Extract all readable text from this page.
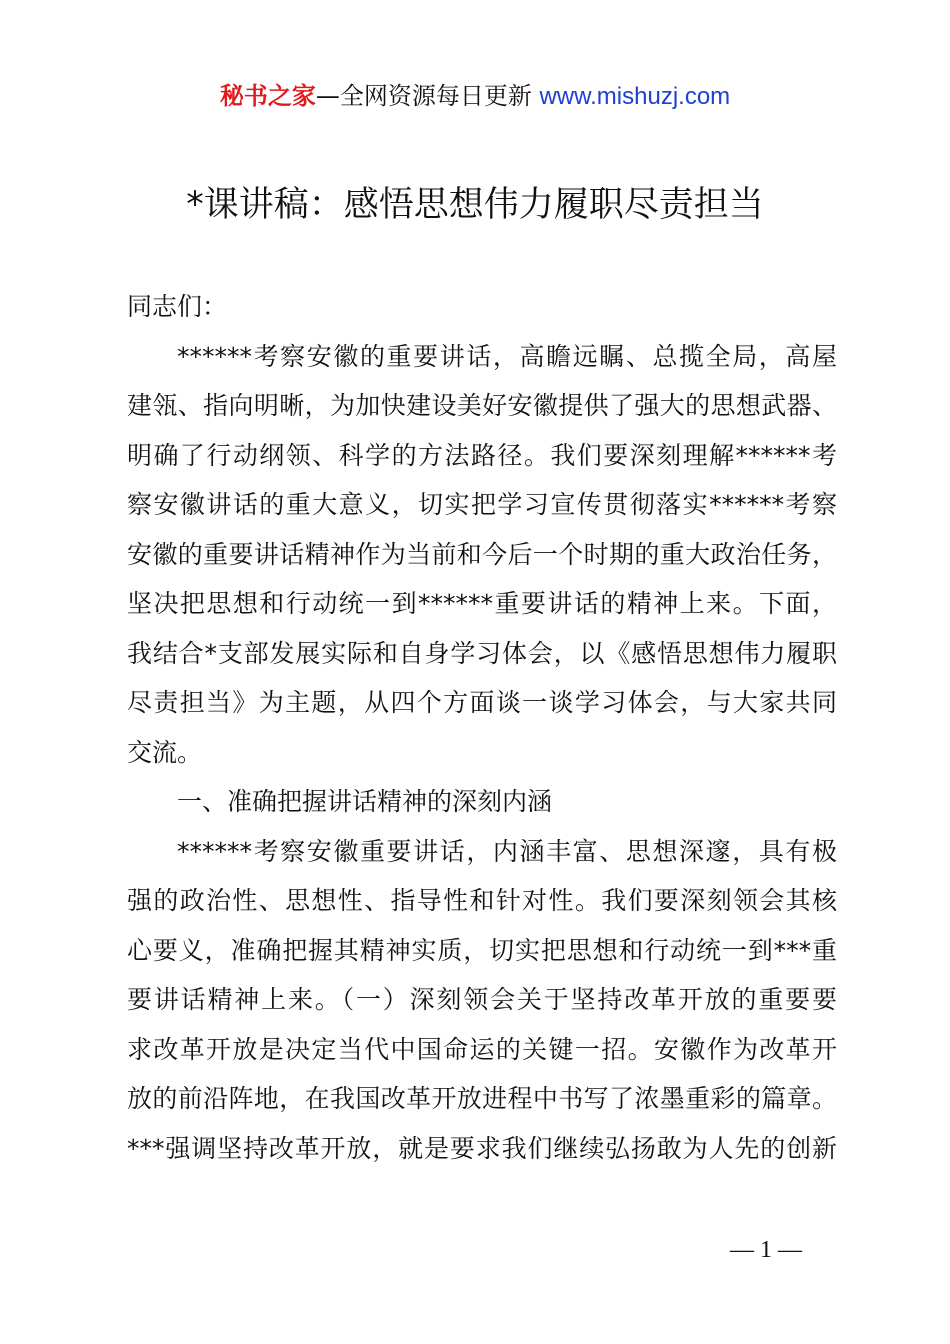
秘书之家—全网资源每日更新 www.mishuzj.com
*课讲稿：感悟思想伟力履职尽责担当
同志们：
******考察安徽的重要讲话，高瞻远瞩、总揽全局，高屋
建瓴、指向明晰，为加快建设美好安徽提供了强大的思想武器、
明确了行动纲领、科学的方法路径。我们要深刻理解******考
察安徽讲话的重大意义，切实把学习宣传贯彻落实******考察
安徽的重要讲话精神作为当前和今后一个时期的重大政治任务，
坚决把思想和行动统一到******重要讲话的精神上来。下面，
我结合*支部发展实际和自身学习体会，以《感悟思想伟力履职
尽责担当》为主题，从四个方面谈一谈学习体会，与大家共同
交流。
一、准确把握讲话精神的深刻内涵
******考察安徽重要讲话，内涵丰富、思想深邃，具有极
强的政治性、思想性、指导性和针对性。我们要深刻领会其核
心要义，准确把握其精神实质，切实把思想和行动统一到***重
要讲话精神上来。（一）深刻领会关于坚持改革开放的重要要
求改革开放是决定当代中国命运的关键一招。安徽作为改革开
放的前沿阵地，在我国改革开放进程中书写了浓墨重彩的篇章。
***强调坚持改革开放，就是要求我们继续弘扬敢为人先的创新
— 1 —
